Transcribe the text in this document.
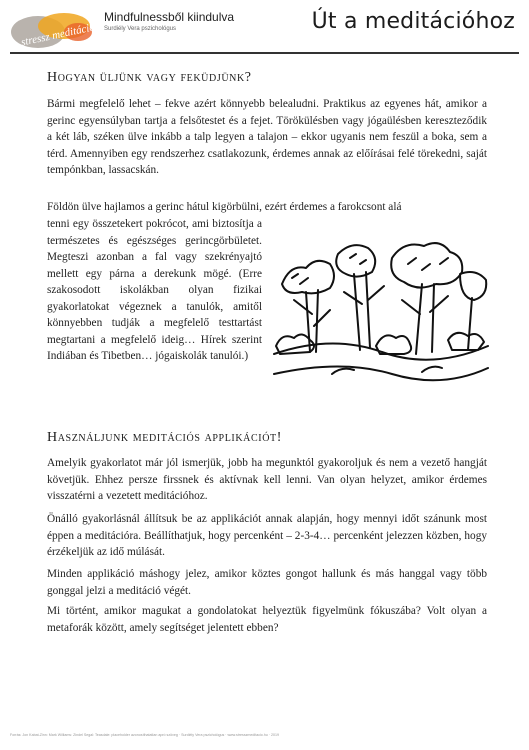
stressz meditáció
Mindfulnessből kiindulva
Surdiély Vera pszichológus	Út a meditációhoz
Hogyan üljünk vagy feküdjünk?

Bármi megfelelő lehet – fekve azért könnyebb belealudni. Praktikus az egyenes hát, amikor a gerinc egyensúlyban tartja a felsőtestet és a fejet. Törökülésben vagy jógaülésben kereszteződik a két láb, széken ülve inkább a talp legyen a talajon – ekkor ugyanis nem feszül a boka, sem a térd. Amennyiben egy rendszerhez csatlakozunk, érdemes annak az előírásai felé törekedni, saját tempónkban, lassacskán.

Földön ülve hajlamos a gerinc hátul kigörbülni, ezért érdemes a farokcsont alá

tenni egy összetekert pokrócot, ami biztosítja a természetes és egészséges gerincgörbületet. Megteszi azonban a fal vagy szekrényajtó mellett egy párna a derekunk mögé. (Erre szakosodott iskolákban olyan fizikai gyakorlatokat végeznek a tanulók, amitől könnyebben tudják a megfelelő testtartást megtartani a megfelelő ideig… Hírek szerint Indiában és Tibetben… jógaiskolák tanulói.)

Használjunk meditációs applikációt!

Amelyik gyakorlatot már jól ismerjük, jobb ha megunktól gyakoroljuk és nem a vezető hangját követjük. Ehhez persze firssnek és aktívnak kell lenni. Van olyan helyzet, amikor érdemes visszatérni a vezetett meditációhoz.

Önálló gyakorlásnál állítsuk be az applikációt annak alapján, hogy mennyi időt szánunk most éppen a meditációra. Beállíthatjuk, hogy percenként – 2-3-4… percenként jelezzen közben, hogy érzékeljük az idő múlását.

Minden applikáció máshogy jelez, amikor köztes gongot hallunk és más hanggal vagy több gonggal jelzi a meditáció végét.

Mi történt, amikor magukat a gondolatokat helyeztük figyelmünk fókuszába? Volt olyan a metaforák között, amely segítséget jelentett ebben?

Forrás: Jon Kabat-Zinn: Mark Williams: Zindel Segal: Teasdale: placeholder azonosíthatatlan apró szöveg · Surdiély Vera pszichológus · www.stresszmeditacio.hu · 2019
